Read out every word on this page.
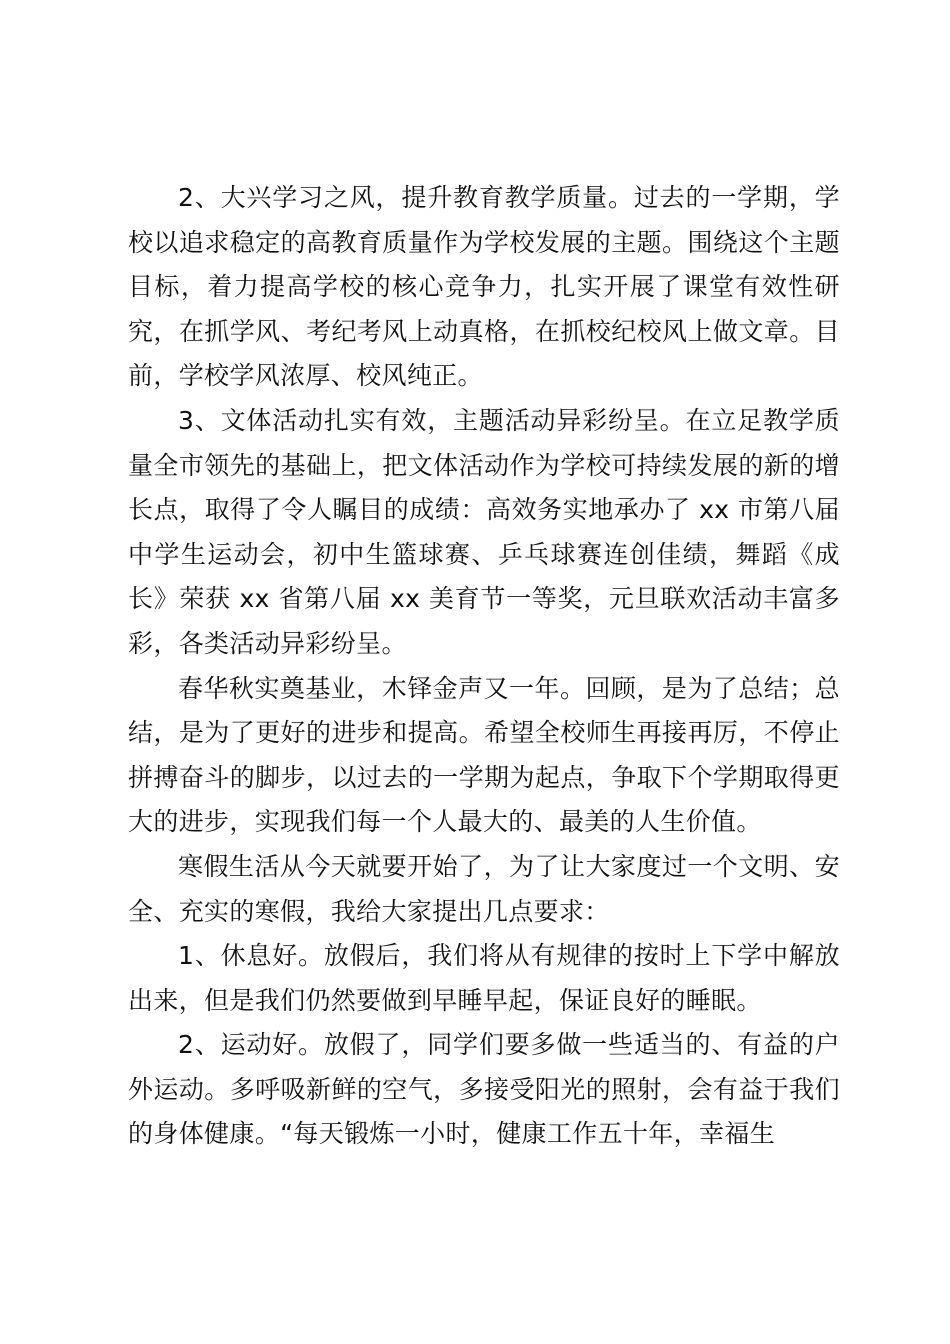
2、大兴学习之风，提升教育教学质量。过去的一学期，学校以追求稳定的高教育质量作为学校发展的主题。围绕这个主题目标，着力提高学校的核心竞争力，扎实开展了课堂有效性研究，在抓学风、考纪考风上动真格，在抓校纪校风上做文章。目前，学校学风浓厚、校风纯正。

3、文体活动扎实有效，主题活动异彩纷呈。在立足教学质量全市领先的基础上，把文体活动作为学校可持续发展的新的增长点，取得了令人瞩目的成绩：高效务实地承办了 xx 市第八届中学生运动会，初中生篮球赛、乒乓球赛连创佳绩，舞蹈《成长》荣获 xx 省第八届 xx 美育节一等奖，元旦联欢活动丰富多彩，各类活动异彩纷呈。

春华秋实奠基业，木铎金声又一年。回顾，是为了总结；总结，是为了更好的进步和提高。希望全校师生再接再厉，不停止拼搏奋斗的脚步，以过去的一学期为起点，争取下个学期取得更大的进步，实现我们每一个人最大的、最美的人生价值。

寒假生活从今天就要开始了，为了让大家度过一个文明、安全、充实的寒假，我给大家提出几点要求：

1、休息好。放假后，我们将从有规律的按时上下学中解放出来，但是我们仍然要做到早睡早起，保证良好的睡眠。

2、运动好。放假了，同学们要多做一些适当的、有益的户外运动。多呼吸新鲜的空气，多接受阳光的照射，会有益于我们的身体健康。“每天锻炼一小时，健康工作五十年，幸福生
